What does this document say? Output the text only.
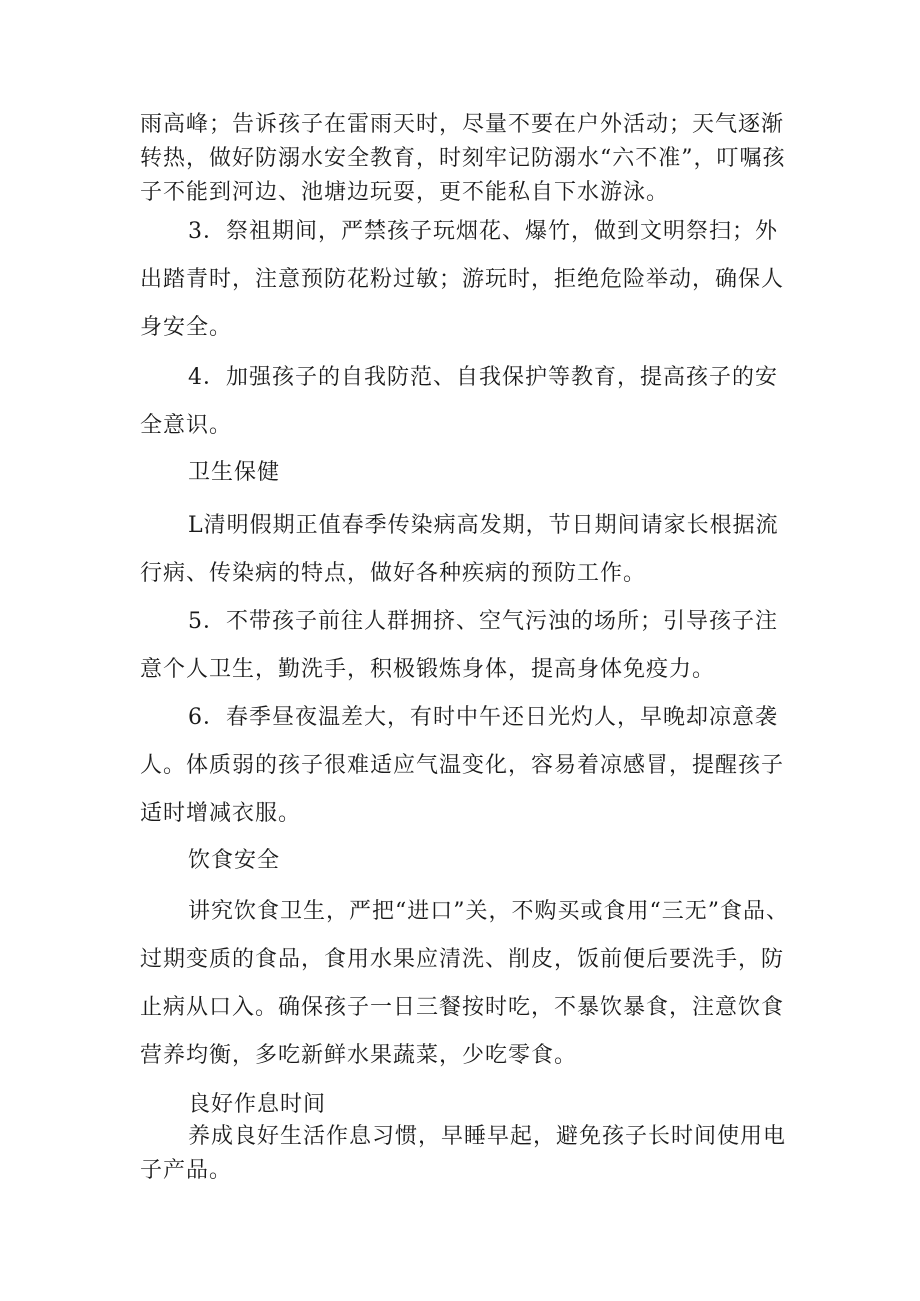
雨高峰；告诉孩子在雷雨天时，尽量不要在户外活动；天气逐渐转热，做好防溺水安全教育，时刻牢记防溺水“六不准”，叮嘱孩子不能到河边、池塘边玩耍，更不能私自下水游泳。

3．祭祖期间，严禁孩子玩烟花、爆竹，做到文明祭扫；外出踏青时，注意预防花粉过敏；游玩时，拒绝危险举动，确保人身安全。

4．加强孩子的自我防范、自我保护等教育，提高孩子的安全意识。

卫生保健

L清明假期正值春季传染病高发期，节日期间请家长根据流行病、传染病的特点，做好各种疾病的预防工作。

5．不带孩子前往人群拥挤、空气污浊的场所；引导孩子注意个人卫生，勤洗手，积极锻炼身体，提高身体免疫力。

6．春季昼夜温差大，有时中午还日光灼人，早晚却凉意袭人。体质弱的孩子很难适应气温变化，容易着凉感冒，提醒孩子适时增减衣服。

饮食安全

讲究饮食卫生，严把“进口”关，不购买或食用“三无”食品、过期变质的食品，食用水果应清洗、削皮，饭前便后要洗手，防止病从口入。确保孩子一日三餐按时吃，不暴饮暴食，注意饮食营养均衡，多吃新鲜水果蔬菜，少吃零食。

良好作息时间

养成良好生活作息习惯，早睡早起，避免孩子长时间使用电子产品。
